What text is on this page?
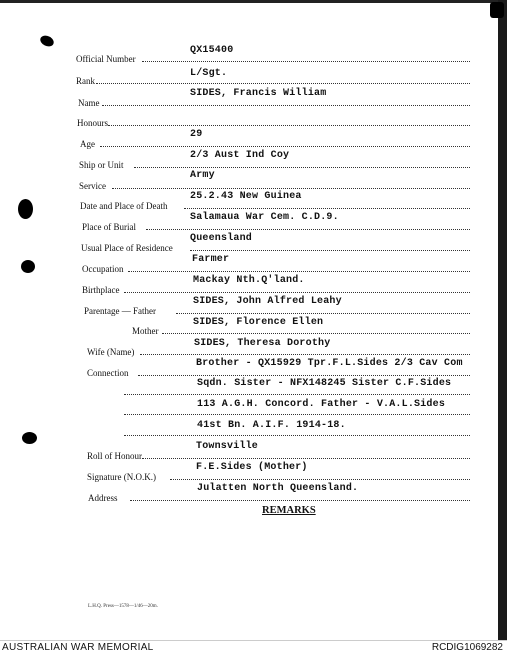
Official Number
QX15400
Rank
L/Sgt.
Name
SIDES, Francis William
Honours
Age
29
Ship or Unit
2/3 Aust Ind Coy
Service
Army
Date and Place of Death
25.2.43 New Guinea
Place of Burial
Salamaua War Cem. C.D.9.
Usual Place of Residence
Queensland
Occupation
Farmer
Birthplace
Mackay Nth.Q'land.
Parentage — Father
SIDES, John Alfred Leahy
Mother
SIDES, Florence Ellen
Wife (Name)
SIDES, Theresa Dorothy
Connection
Brother - QX15929 Tpr.F.L.Sides 2/3 Cav Com
Sqdn. Sister - NFX148245 Sister C.F.Sides
113 A.G.H. Concord. Father - V.A.L.Sides
41st Bn. A.I.F. 1914-18.
Roll of Honour
Townsville
Signature (N.O.K.)
F.E.Sides (Mother)
Address
Julatten North Queensland.
REMARKS
L.H.Q. Press—1578—1/46—20m.
AUSTRALIAN WAR MEMORIAL	RCDIG1069282
